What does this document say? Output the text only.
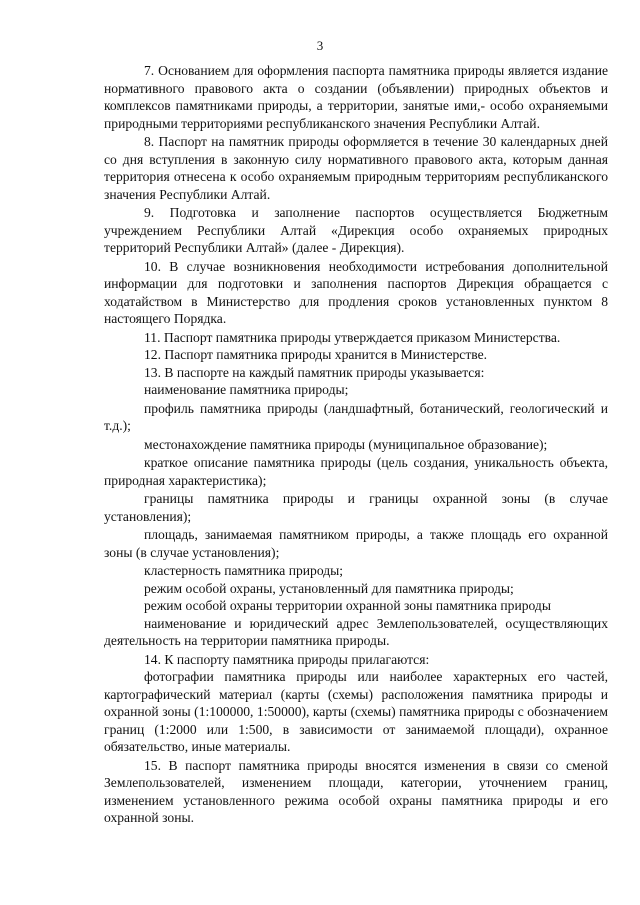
3

7. Основанием для оформления паспорта памятника природы является издание нормативного правового акта о создании (объявлении) природных объектов и комплексов памятниками природы, а территории, занятые ими,- особо охраняемыми природными территориями республиканского значения Республики Алтай.

8. Паспорт на памятник природы оформляется в течение 30 календарных дней со дня вступления в законную силу нормативного правового акта, которым данная территория отнесена к особо охраняемым природным территориям республиканского значения Республики Алтай.

9. Подготовка и заполнение паспортов осуществляется Бюджетным учреждением Республики Алтай «Дирекция особо охраняемых природных территорий Республики Алтай» (далее - Дирекция).

10. В случае возникновения необходимости истребования дополнительной информации для подготовки и заполнения паспортов Дирекция обращается с ходатайством в Министерство для продления сроков установленных пунктом 8 настоящего Порядка.

11. Паспорт памятника природы утверждается приказом Министерства.

12. Паспорт памятника природы хранится в Министерстве.

13. В паспорте на каждый памятник природы указывается:

наименование памятника природы;

профиль памятника природы (ландшафтный, ботанический, геологический и т.д.);

местонахождение памятника природы (муниципальное образование);

краткое описание памятника природы (цель создания, уникальность объекта, природная характеристика);

границы памятника природы и границы охранной зоны (в случае установления);

площадь, занимаемая памятником природы, а также площадь его охранной зоны (в случае установления);

кластерность памятника природы;

режим особой охраны, установленный для памятника природы;

режим особой охраны территории охранной зоны памятника природы

наименование и юридический адрес Землепользователей, осуществляющих деятельность на территории памятника природы.

14. К паспорту памятника природы прилагаются:

фотографии памятника природы или наиболее характерных его частей, картографический материал (карты (схемы) расположения памятника природы и охранной зоны (1:100000, 1:50000), карты (схемы) памятника природы с обозначением границ (1:2000 или 1:500, в зависимости от занимаемой площади), охранное обязательство, иные материалы.

15. В паспорт памятника природы вносятся изменения в связи со сменой Землепользователей, изменением площади, категории, уточнением границ, изменением установленного режима особой охраны памятника природы и его охранной зоны.
